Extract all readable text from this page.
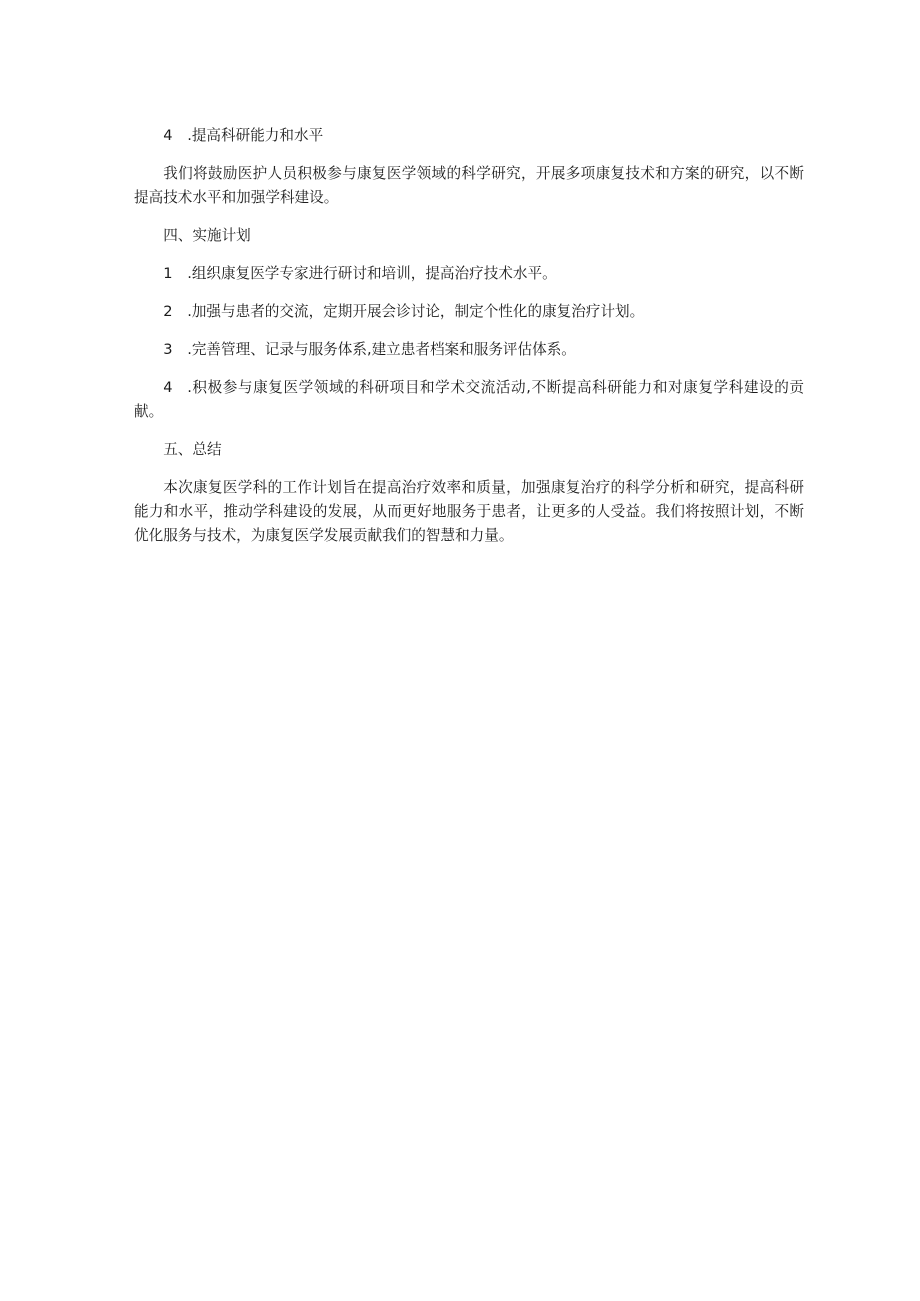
4 .提高科研能力和水平

我们将鼓励医护人员积极参与康复医学领域的科学研究，开展多项康复技术和方案的研究，以不断提高技术水平和加强学科建设。

四、实施计划

1 .组织康复医学专家进行研讨和培训，提高治疗技术水平。

2 .加强与患者的交流，定期开展会诊讨论，制定个性化的康复治疗计划。

3 .完善管理、记录与服务体系,建立患者档案和服务评估体系。

4 .积极参与康复医学领域的科研项目和学术交流活动,不断提高科研能力和对康复学科建设的贡献。

五、总结

本次康复医学科的工作计划旨在提高治疗效率和质量，加强康复治疗的科学分析和研究，提高科研能力和水平，推动学科建设的发展，从而更好地服务于患者，让更多的人受益。我们将按照计划，不断优化服务与技术，为康复医学发展贡献我们的智慧和力量。
